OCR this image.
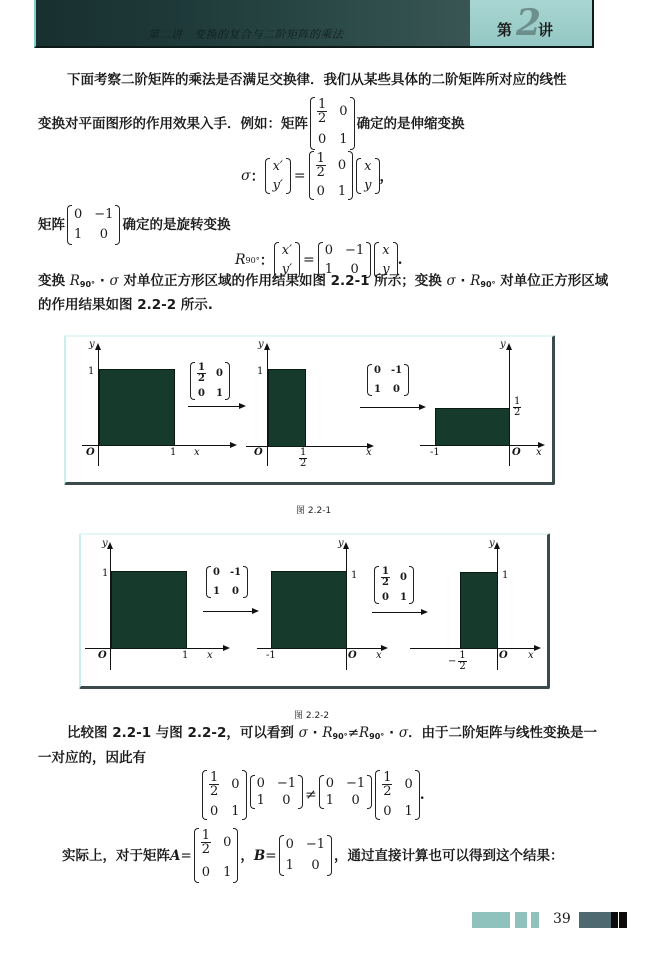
第二讲　变换的复合与二阶矩阵的乘法	2
第 讲
下面考察二阶矩阵的乘法是否满足交换律．我们从某些具体的二阶矩阵所对应的线性
变换对平面图形的作用效果入手．例如：矩阵 $\frac{1}{2} 0$
0 1
确定的是伸缩变换
σ ：
x′
y′
= $\frac{1}{2} 0$
0 1
x
y
，
矩阵
0 −1
1 0
确定的是旋转变换
R 90° ：
x′
y′
=
0 −1
1 0
x
y
.
变换 $R_{90^\circ} \cdot \sigma$ 对单位正方形区域的作用结果如图 2.2-1 所示；变换 $\sigma \cdot R_{90^\circ}$ 对单位正方形区域
的作用结果如图 2.2-2 所示.
y
1
O	1 x
$\frac{1}{2} 0$
0 1
y
1
O	$\frac{1}{2}$	x
0 -1
1 0
y
$\frac{1}{2}$
-1	O x
图 2.2-1
y
1
O	1 x
0 -1
1 0
y
1
-1	O x
$\frac{1}{2} 0$
0 1
y
1
− $\frac{1}{2}$	O x
图 2.2-2
比较图 2.2-1 与图 2.2-2，可以看到 $\sigma \cdot R_{90^\circ}\ne R_{90^\circ} \cdot \sigma$．由于二阶矩阵与线性变换是一
一对应的，因此有
$\frac{1}{2} 0$
0 1
0 −1
1 0 ≠
0 −1
1 0
$\frac{1}{2} 0$
0 1
.
实际上，对于矩阵 $A = \frac{1}{2} 0$
0 1
， B =
0 −1
1 0
，通过直接计算也可以得到这个结果：
39
